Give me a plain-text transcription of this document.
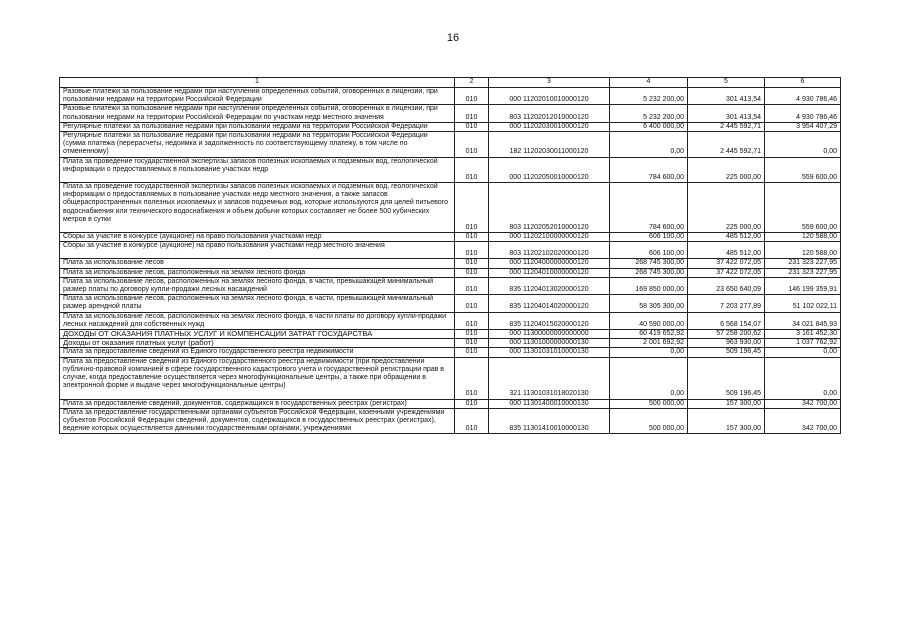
16
1	2	3	4	5	6
Разовые платежи за пользование недрами при наступлении определенных событий, оговоренных в лицензии, при пользовании недрами на территории Российской Федерации	010	000 11202010010000120	5 232 200,00	301 413,54	4 930 786,46
Разовые платежи за пользование недрами при наступлении определенных событий, оговоренных в лицензии, при пользовании недрами на территории Российской Федерации по участкам недр местного значения	010	803 11202012010000120	5 232 200,00	301 413,54	4 930 786,46
Регулярные платежи за пользование недрами при пользовании недрами на территории Российской Федерации	010	000 11202030010000120	6 400 000,00	2 445 592,71	3 954 407,29
Регулярные платежи за пользование недрами при пользовании недрами на территории Российской Федерации (сумма платежа (перерасчеты, недоимка и задолженность по соответствующему платежу, в том числе по отмененному)	010	182 11202030011000120	0,00	2 445 592,71	0,00
Плата за проведение государственной экспертизы запасов полезных ископаемых и подземных вод, геологической информации о предоставляемых в пользование участках недр	010	000 11202050010000120	784 600,00	225 000,00	559 600,00
Плата за проведение государственной экспертизы запасов полезных ископаемых и подземных вод, геологической информации о предоставляемых в пользование участках недр местного значения, а также запасов общераспространенных полезных ископаемых и запасов подземных вод, которые используются для целей питьевого водоснабжения или технического водоснабжения и объем добычи которых составляет не более 500 кубических метров в сутки	010	803 11202052010000120	784 600,00	225 000,00	559 600,00
Сборы за участие в конкурсе (аукционе) на право пользования участками недр	010	000 11202100000000120	606 100,00	485 512,00	120 588,00
Сборы за участие в конкурсе (аукционе) на право пользования участками недр местного значения	010	803 11202102020000120	606 100,00	485 512,00	120 588,00
Плата за использование лесов	010	000 11204000000000120	268 745 300,00	37 422 072,05	231 323 227,95
Плата за использование лесов, расположенных на землях лесного фонда	010	000 11204010000000120	268 745 300,00	37 422 072,05	231 323 227,95
Плата за использование лесов, расположенных на землях лесного фонда, в части, превышающей минимальный размер платы по договору купли-продажи лесных насаждений	010	835 11204013020000120	169 850 000,00	23 650 640,09	146 199 359,91
Плата за использование лесов, расположенных на землях лесного фонда, в части, превышающей минимальный размер арендной платы	010	835 11204014020000120	58 305 300,00	7 203 277,89	51 102 022,11
Плата за использование лесов, расположенных на землях лесного фонда, в части платы по договору купли-продажи лесных насаждений для собственных нужд	010	835 11204015020000120	40 590 000,00	6 568 154,07	34 021 845,93
ДОХОДЫ ОТ ОКАЗАНИЯ ПЛАТНЫХ УСЛУГ И КОМПЕНСАЦИИ ЗАТРАТ ГОСУДАРСТВА	010	000 11300000000000000	60 419 652,92	57 258 200,62	3 161 452,30
Доходы от оказания платных услуг (работ)	010	000 11301000000000130	2 001 692,92	963 930,00	1 037 762,92
Плата за предоставление сведений из Единого государственного реестра недвижимости	010	000 11301031010000130	0,00	509 196,45	0,00
Плата за предоставление сведений из Единого государственного реестра недвижимости (при предоставлении публично-правовой компанией в сфере государственного кадастрового учета и государственной регистрации прав в случае, когда предоставление осуществляется через многофункциональные центры, а также при обращении в электронной форме и выдаче через многофункциональные центры)	010	321 11301031018020130	0,00	509 196,45	0,00
Плата за предоставление сведений, документов, содержащихся в государственных реестрах (регистрах)	010	000 11301400010000130	500 000,00	157 300,00	342 700,00
Плата за предоставление государственными органами субъектов Российской Федерации, казенными учреждениями субъектов Российской Федерации сведений, документов, содержащихся в государственных реестрах (регистрах), ведение которых осуществляется данными государственными органами, учреждениями	010	835 11301410010000130	500 000,00	157 300,00	342 700,00
